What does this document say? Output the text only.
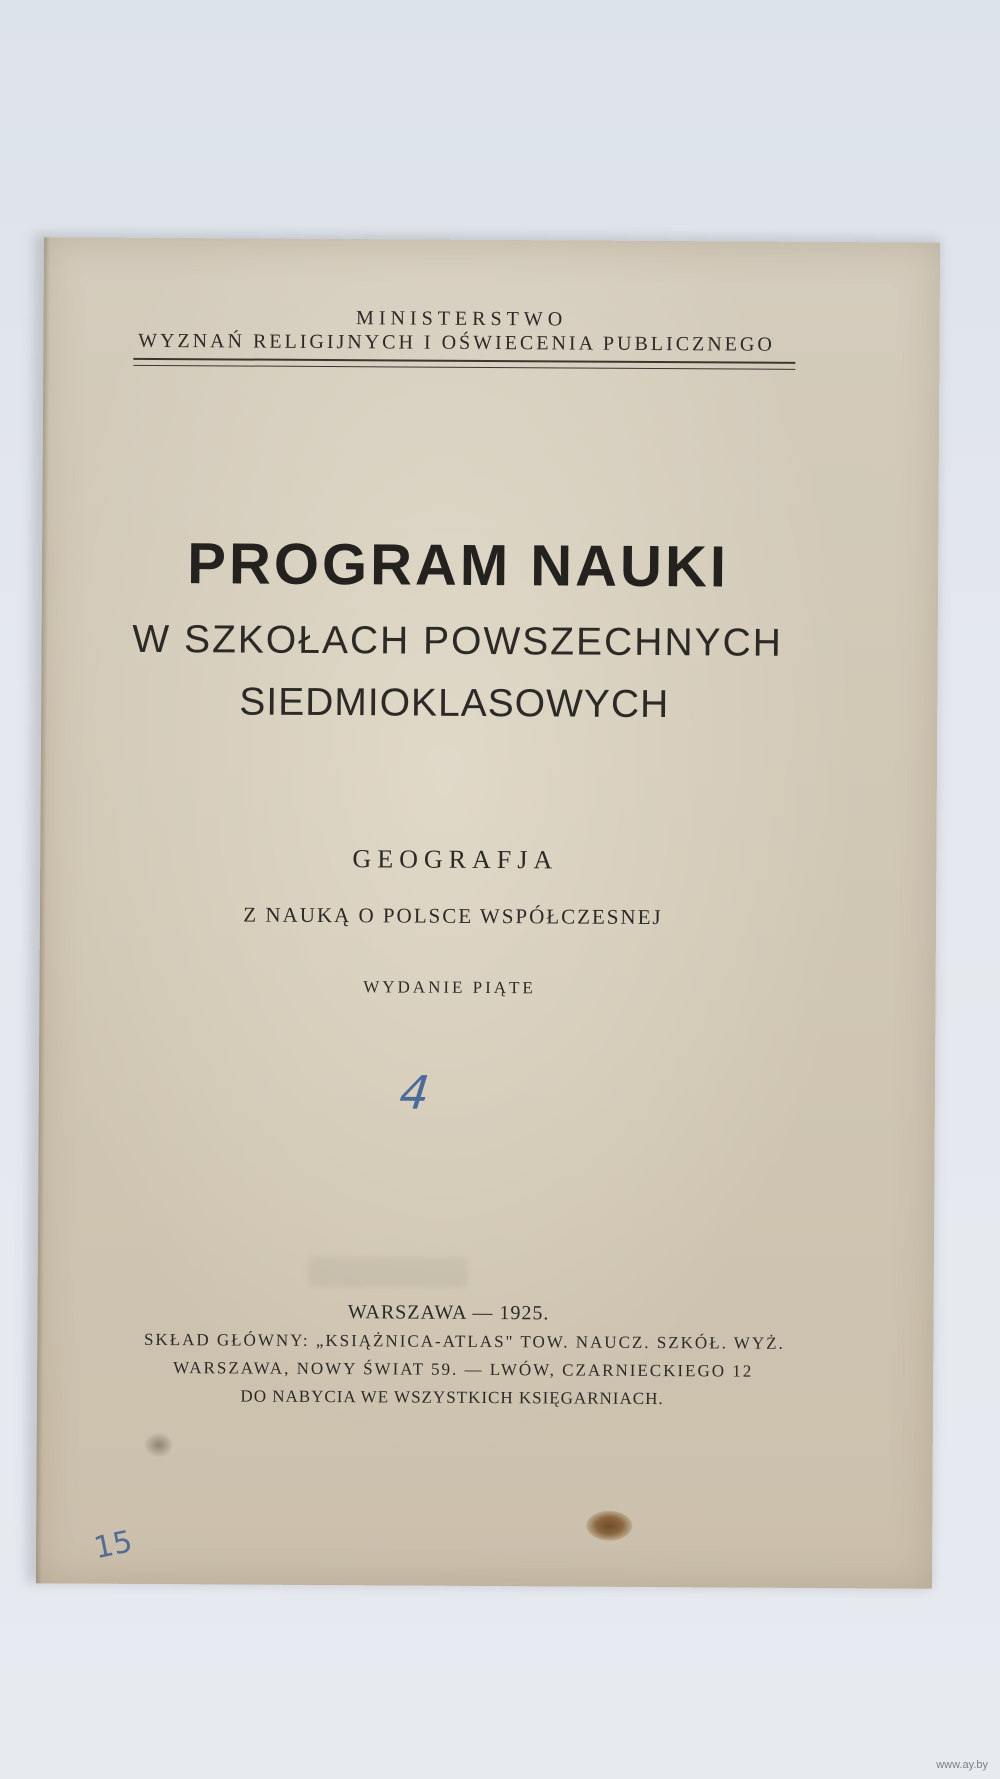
MINISTERSTWO
WYZNAŃ RELIGIJNYCH I OŚWIECENIA PUBLICZNEGO
PROGRAM NAUKI
W SZKOŁACH POWSZECHNYCH
SIEDMIOKLASOWYCH
GEOGRAFJA
Z NAUKĄ O POLSCE WSPÓŁCZESNEJ
WYDANIE PIĄTE
4
WARSZAWA — 1925.
SKŁAD GŁÓWNY: „KSIĄŻNICA-ATLAS" TOW. NAUCZ. SZKÓŁ. WYŻ.
WARSZAWA, NOWY ŚWIAT 59. — LWÓW, CZARNIECKIEGO 12
DO NABYCIA WE WSZYSTKICH KSIĘGARNIACH.
15
www.ay.by
